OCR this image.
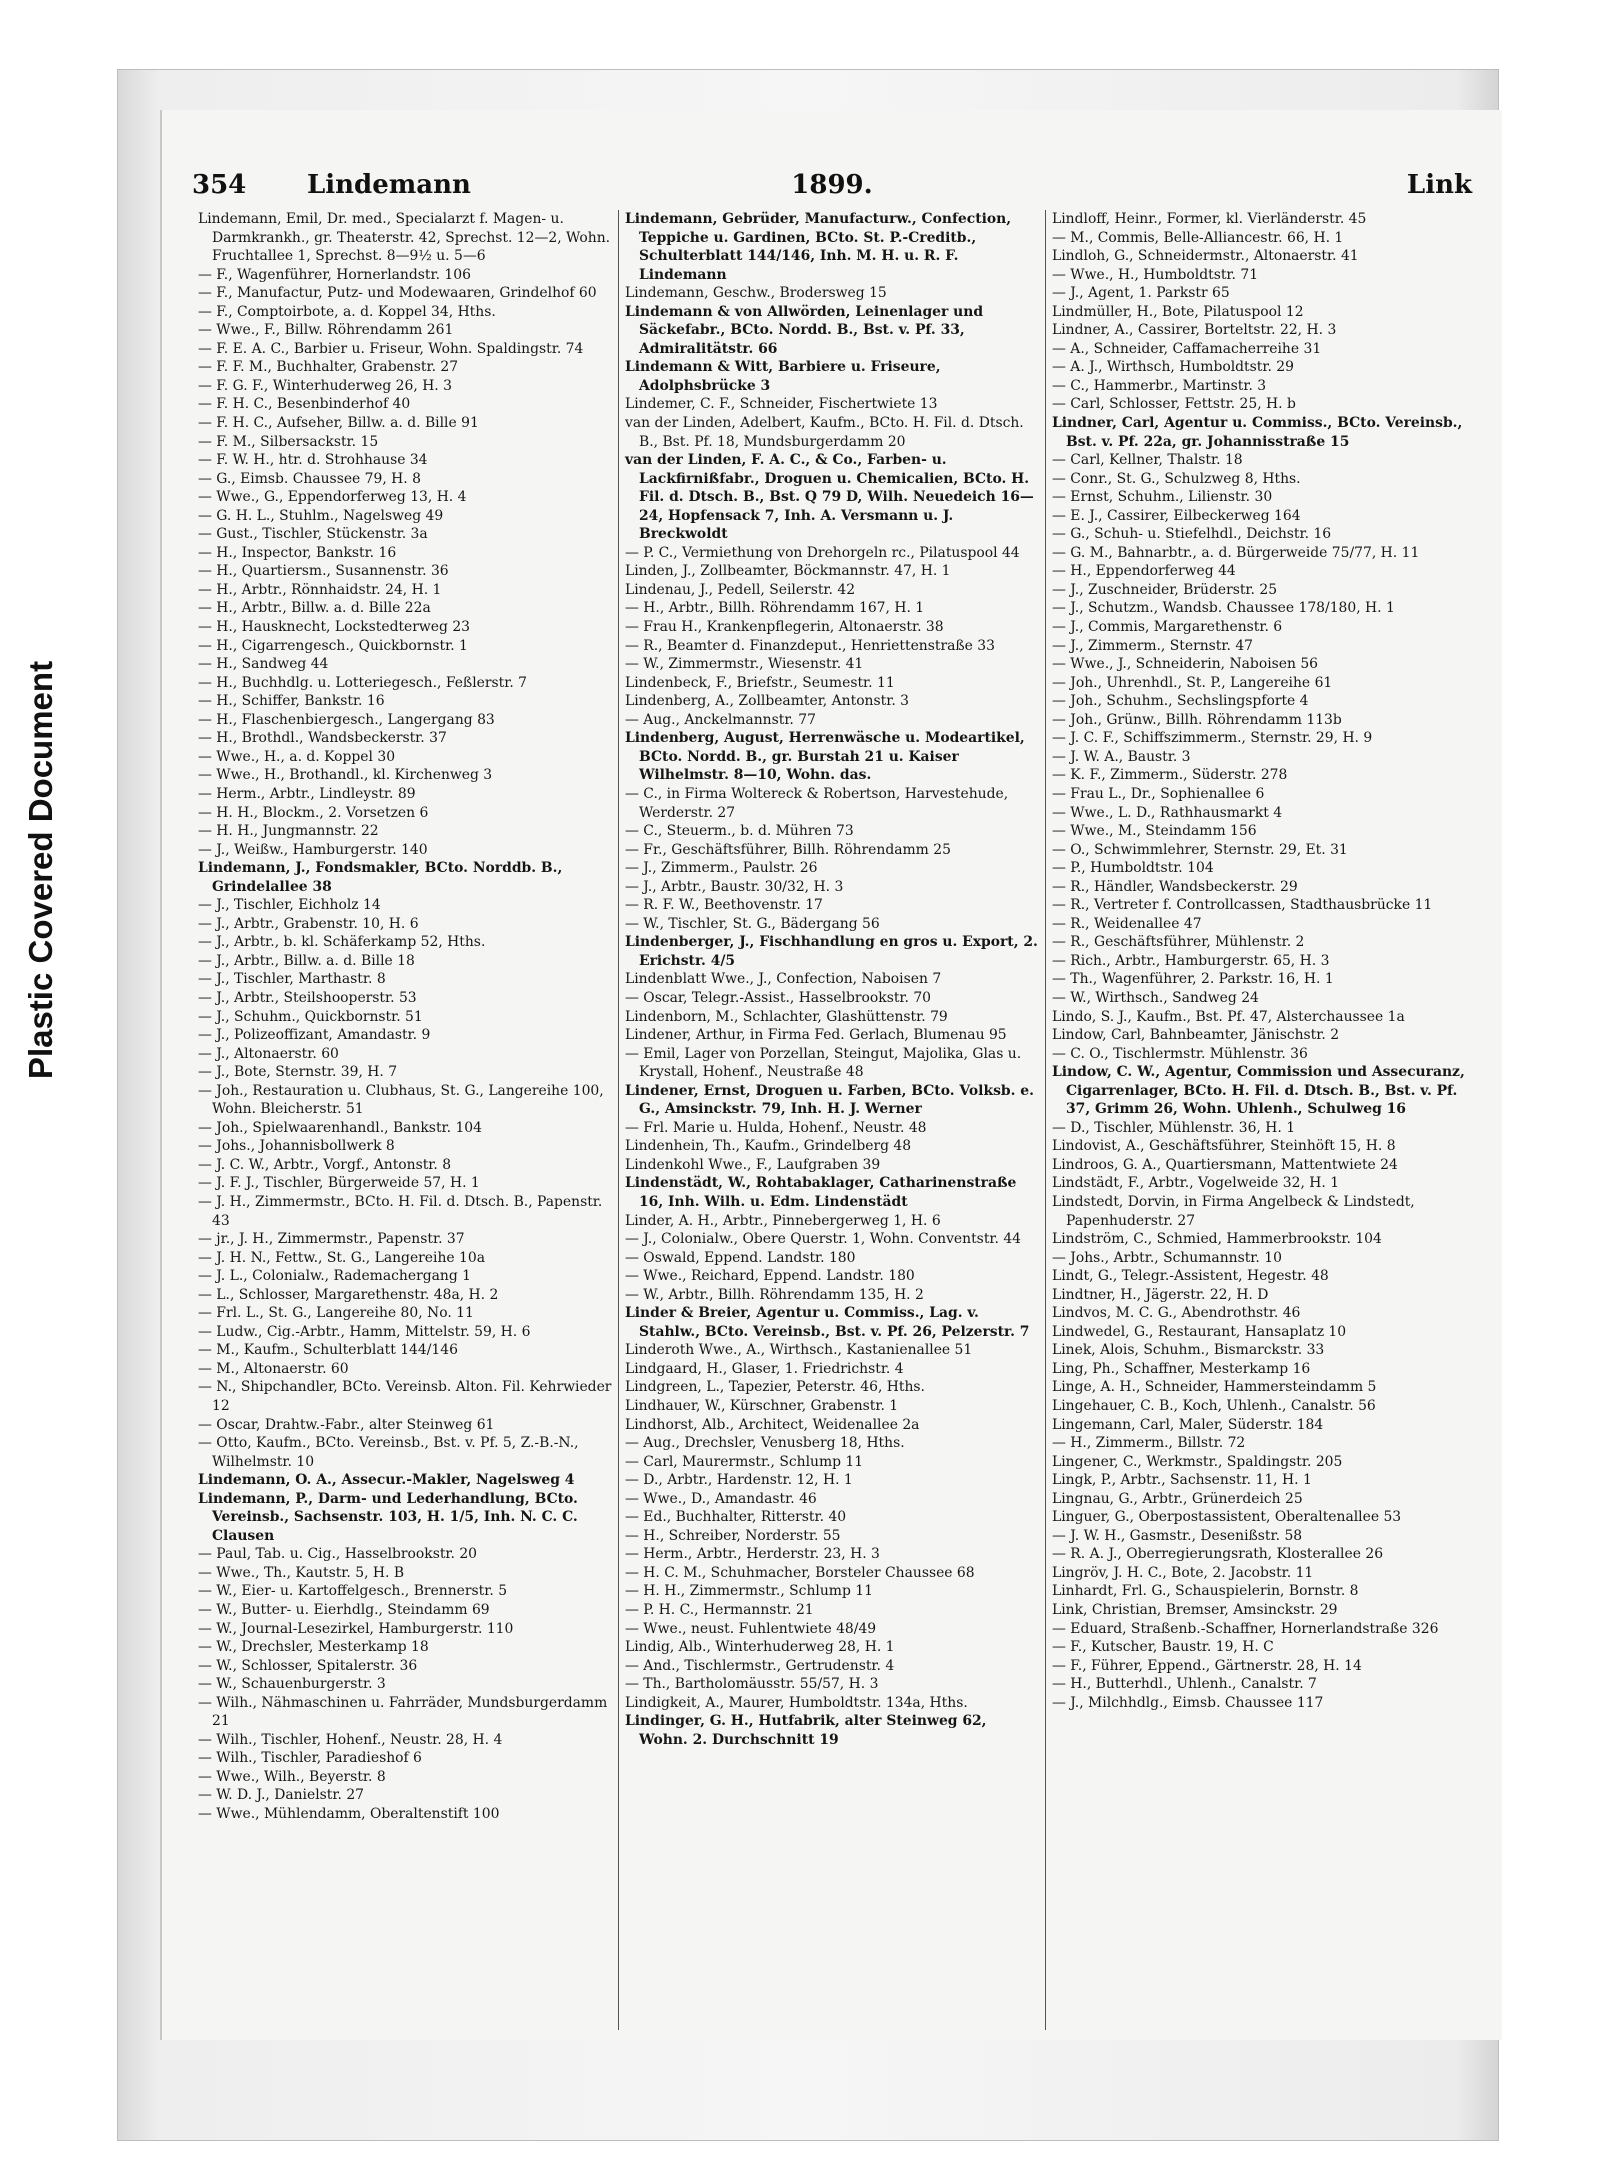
Plastic Covered Document
354 Lindemann	1899.	Link

Lindemann, Emil, Dr. med., Specialarzt f. Magen- u. Darmkrankh., gr. Theaterstr. 42, Sprechst. 12—2, Wohn. Fruchtallee 1, Sprechst. 8—9½ u. 5—6

— F., Wagenführer, Hornerlandstr. 106

— F., Manufactur, Putz- und Modewaaren, Grindelhof 60

— F., Comptoirbote, a. d. Koppel 34, Hths.

— Wwe., F., Billw. Röhrendamm 261

— F. E. A. C., Barbier u. Friseur, Wohn. Spaldingstr. 74

— F. F. M., Buchhalter, Grabenstr. 27

— F. G. F., Winterhuderweg 26, H. 3

— F. H. C., Besenbinderhof 40

— F. H. C., Aufseher, Billw. a. d. Bille 91

— F. M., Silbersackstr. 15

— F. W. H., htr. d. Strohhause 34

— G., Eimsb. Chaussee 79, H. 8

— Wwe., G., Eppendorferweg 13, H. 4

— G. H. L., Stuhlm., Nagelsweg 49

— Gust., Tischler, Stückenstr. 3a

— H., Inspector, Bankstr. 16

— H., Quartiersm., Susannenstr. 36

— H., Arbtr., Rönnhaidstr. 24, H. 1

— H., Arbtr., Billw. a. d. Bille 22a

— H., Hausknecht, Lockstedterweg 23

— H., Cigarrengesch., Quickbornstr. 1

— H., Sandweg 44

— H., Buchhdlg. u. Lotteriegesch., Feßlerstr. 7

— H., Schiffer, Bankstr. 16

— H., Flaschenbiergesch., Langergang 83

— H., Brothdl., Wandsbeckerstr. 37

— Wwe., H., a. d. Koppel 30

— Wwe., H., Brothandl., kl. Kirchenweg 3

— Herm., Arbtr., Lindleystr. 89

— H. H., Blockm., 2. Vorsetzen 6

— H. H., Jungmannstr. 22

— J., Weißw., Hamburgerstr. 140

Lindemann, J., Fondsmakler, BCto. Norddb. B., Grindelallee 38

— J., Tischler, Eichholz 14

— J., Arbtr., Grabenstr. 10, H. 6

— J., Arbtr., b. kl. Schäferkamp 52, Hths.

— J., Arbtr., Billw. a. d. Bille 18

— J., Tischler, Marthastr. 8

— J., Arbtr., Steilshooperstr. 53

— J., Schuhm., Quickbornstr. 51

— J., Polizeoffizant, Amandastr. 9

— J., Altonaerstr. 60

— J., Bote, Sternstr. 39, H. 7

— Joh., Restauration u. Clubhaus, St. G., Langereihe 100, Wohn. Bleicherstr. 51

— Joh., Spielwaarenhandl., Bankstr. 104

— Johs., Johannisbollwerk 8

— J. C. W., Arbtr., Vorgf., Antonstr. 8

— J. F. J., Tischler, Bürgerweide 57, H. 1

— J. H., Zimmermstr., BCto. H. Fil. d. Dtsch. B., Papenstr. 43

— jr., J. H., Zimmermstr., Papenstr. 37

— J. H. N., Fettw., St. G., Langereihe 10a

— J. L., Colonialw., Rademachergang 1

— L., Schlosser, Margarethenstr. 48a, H. 2

— Frl. L., St. G., Langereihe 80, No. 11

— Ludw., Cig.-Arbtr., Hamm, Mittelstr. 59, H. 6

— M., Kaufm., Schulterblatt 144/146

— M., Altonaerstr. 60

— N., Shipchandler, BCto. Vereinsb. Alton. Fil. Kehrwieder 12

— Oscar, Drahtw.-Fabr., alter Steinweg 61

— Otto, Kaufm., BCto. Vereinsb., Bst. v. Pf. 5, Z.-B.-N., Wilhelmstr. 10

Lindemann, O. A., Assecur.-Makler, Nagelsweg 4

Lindemann, P., Darm- und Lederhandlung, BCto. Vereinsb., Sachsenstr. 103, H. 1/5, Inh. N. C. C. Clausen

— Paul, Tab. u. Cig., Hasselbrookstr. 20

— Wwe., Th., Kautstr. 5, H. B

— W., Eier- u. Kartoffelgesch., Brennerstr. 5

— W., Butter- u. Eierhdlg., Steindamm 69

— W., Journal-Lesezirkel, Hamburgerstr. 110

— W., Drechsler, Mesterkamp 18

— W., Schlosser, Spitalerstr. 36

— W., Schauenburgerstr. 3

— Wilh., Nähmaschinen u. Fahrräder, Mundsburgerdamm 21

— Wilh., Tischler, Hohenf., Neustr. 28, H. 4

— Wilh., Tischler, Paradieshof 6

— Wwe., Wilh., Beyerstr. 8

— W. D. J., Danielstr. 27

— Wwe., Mühlendamm, Oberaltenstift 100

Lindemann, Gebrüder, Manufacturw., Confection, Teppiche u. Gardinen, BCto. St. P.-Creditb., Schulterblatt 144/146, Inh. M. H. u. R. F. Lindemann

Lindemann, Geschw., Brodersweg 15

Lindemann & von Allwörden, Leinenlager und Säckefabr., BCto. Nordd. B., Bst. v. Pf. 33, Admiralitätstr. 66

Lindemann & Witt, Barbiere u. Friseure, Adolphsbrücke 3

Lindemer, C. F., Schneider, Fischertwiete 13

van der Linden, Adelbert, Kaufm., BCto. H. Fil. d. Dtsch. B., Bst. Pf. 18, Mundsburgerdamm 20

van der Linden, F. A. C., & Co., Farben- u. Lackfirnißfabr., Droguen u. Chemicalien, BCto. H. Fil. d. Dtsch. B., Bst. Q 79 D, Wilh. Neuedeich 16—24, Hopfensack 7, Inh. A. Versmann u. J. Breckwoldt

— P. C., Vermiethung von Drehorgeln rc., Pilatuspool 44

Linden, J., Zollbeamter, Böckmannstr. 47, H. 1

Lindenau, J., Pedell, Seilerstr. 42

— H., Arbtr., Billh. Röhrendamm 167, H. 1

— Frau H., Krankenpflegerin, Altonaerstr. 38

— R., Beamter d. Finanzdeput., Henriettenstraße 33

— W., Zimmermstr., Wiesenstr. 41

Lindenbeck, F., Briefstr., Seumestr. 11

Lindenberg, A., Zollbeamter, Antonstr. 3

— Aug., Anckelmannstr. 77

Lindenberg, August, Herrenwäsche u. Modeartikel, BCto. Nordd. B., gr. Burstah 21 u. Kaiser Wilhelmstr. 8—10, Wohn. das.

— C., in Firma Woltereck & Robertson, Harvestehude, Werderstr. 27

— C., Steuerm., b. d. Mühren 73

— Fr., Geschäftsführer, Billh. Röhrendamm 25

— J., Zimmerm., Paulstr. 26

— J., Arbtr., Baustr. 30/32, H. 3

— R. F. W., Beethovenstr. 17

— W., Tischler, St. G., Bädergang 56

Lindenberger, J., Fischhandlung en gros u. Export, 2. Erichstr. 4/5

Lindenblatt Wwe., J., Confection, Naboisen 7

— Oscar, Telegr.-Assist., Hasselbrookstr. 70

Lindenborn, M., Schlachter, Glashüttenstr. 79

Lindener, Arthur, in Firma Fed. Gerlach, Blumenau 95

— Emil, Lager von Porzellan, Steingut, Majolika, Glas u. Krystall, Hohenf., Neustraße 48

Lindener, Ernst, Droguen u. Farben, BCto. Volksb. e. G., Amsinckstr. 79, Inh. H. J. Werner

— Frl. Marie u. Hulda, Hohenf., Neustr. 48

Lindenhein, Th., Kaufm., Grindelberg 48

Lindenkohl Wwe., F., Laufgraben 39

Lindenstädt, W., Rohtabaklager, Catharinenstraße 16, Inh. Wilh. u. Edm. Lindenstädt

Linder, A. H., Arbtr., Pinnebergerweg 1, H. 6

— J., Colonialw., Obere Querstr. 1, Wohn. Conventstr. 44

— Oswald, Eppend. Landstr. 180

— Wwe., Reichard, Eppend. Landstr. 180

— W., Arbtr., Billh. Röhrendamm 135, H. 2

Linder & Breier, Agentur u. Commiss., Lag. v. Stahlw., BCto. Vereinsb., Bst. v. Pf. 26, Pelzerstr. 7

Linderoth Wwe., A., Wirthsch., Kastanienallee 51

Lindgaard, H., Glaser, 1. Friedrichstr. 4

Lindgreen, L., Tapezier, Peterstr. 46, Hths.

Lindhauer, W., Kürschner, Grabenstr. 1

Lindhorst, Alb., Architect, Weidenallee 2a

— Aug., Drechsler, Venusberg 18, Hths.

— Carl, Maurermstr., Schlump 11

— D., Arbtr., Hardenstr. 12, H. 1

— Wwe., D., Amandastr. 46

— Ed., Buchhalter, Ritterstr. 40

— H., Schreiber, Norderstr. 55

— Herm., Arbtr., Herderstr. 23, H. 3

— H. C. M., Schuhmacher, Borsteler Chaussee 68

— H. H., Zimmermstr., Schlump 11

— P. H. C., Hermannstr. 21

— Wwe., neust. Fuhlentwiete 48/49

Lindig, Alb., Winterhuderweg 28, H. 1

— And., Tischlermstr., Gertrudenstr. 4

— Th., Bartholomäusstr. 55/57, H. 3

Lindigkeit, A., Maurer, Humboldtstr. 134a, Hths.

Lindinger, G. H., Hutfabrik, alter Steinweg 62, Wohn. 2. Durchschnitt 19

Lindloff, Heinr., Former, kl. Vierländerstr. 45

— M., Commis, Belle-Alliancestr. 66, H. 1

Lindloh, G., Schneidermstr., Altonaerstr. 41

— Wwe., H., Humboldtstr. 71

— J., Agent, 1. Parkstr 65

Lindmüller, H., Bote, Pilatuspool 12

Lindner, A., Cassirer, Borteltstr. 22, H. 3

— A., Schneider, Caffamacherreihe 31

— A. J., Wirthsch, Humboldtstr. 29

— C., Hammerbr., Martinstr. 3

— Carl, Schlosser, Fettstr. 25, H. b

Lindner, Carl, Agentur u. Commiss., BCto. Vereinsb., Bst. v. Pf. 22a, gr. Johannisstraße 15

— Carl, Kellner, Thalstr. 18

— Conr., St. G., Schulzweg 8, Hths.

— Ernst, Schuhm., Lilienstr. 30

— E. J., Cassirer, Eilbeckerweg 164

— G., Schuh- u. Stiefelhdl., Deichstr. 16

— G. M., Bahnarbtr., a. d. Bürgerweide 75/77, H. 11

— H., Eppendorferweg 44

— J., Zuschneider, Brüderstr. 25

— J., Schutzm., Wandsb. Chaussee 178/180, H. 1

— J., Commis, Margarethenstr. 6

— J., Zimmerm., Sternstr. 47

— Wwe., J., Schneiderin, Naboisen 56

— Joh., Uhrenhdl., St. P., Langereihe 61

— Joh., Schuhm., Sechslingspforte 4

— Joh., Grünw., Billh. Röhrendamm 113b

— J. C. F., Schiffszimmerm., Sternstr. 29, H. 9

— J. W. A., Baustr. 3

— K. F., Zimmerm., Süderstr. 278

— Frau L., Dr., Sophienallee 6

— Wwe., L. D., Rathhausmarkt 4

— Wwe., M., Steindamm 156

— O., Schwimmlehrer, Sternstr. 29, Et. 31

— P., Humboldtstr. 104

— R., Händler, Wandsbeckerstr. 29

— R., Vertreter f. Controllcassen, Stadthausbrücke 11

— R., Weidenallee 47

— R., Geschäftsführer, Mühlenstr. 2

— Rich., Arbtr., Hamburgerstr. 65, H. 3

— Th., Wagenführer, 2. Parkstr. 16, H. 1

— W., Wirthsch., Sandweg 24

Lindo, S. J., Kaufm., Bst. Pf. 47, Alsterchaussee 1a

Lindow, Carl, Bahnbeamter, Jänischstr. 2

— C. O., Tischlermstr. Mühlenstr. 36

Lindow, C. W., Agentur, Commission und Assecuranz, Cigarrenlager, BCto. H. Fil. d. Dtsch. B., Bst. v. Pf. 37, Grimm 26, Wohn. Uhlenh., Schulweg 16

— D., Tischler, Mühlenstr. 36, H. 1

Lindovist, A., Geschäftsführer, Steinhöft 15, H. 8

Lindroos, G. A., Quartiersmann, Mattentwiete 24

Lindstädt, F., Arbtr., Vogelweide 32, H. 1

Lindstedt, Dorvin, in Firma Angelbeck & Lindstedt, Papenhuderstr. 27

Lindström, C., Schmied, Hammerbrookstr. 104

— Johs., Arbtr., Schumannstr. 10

Lindt, G., Telegr.-Assistent, Hegestr. 48

Lindtner, H., Jägerstr. 22, H. D

Lindvos, M. C. G., Abendrothstr. 46

Lindwedel, G., Restaurant, Hansaplatz 10

Linek, Alois, Schuhm., Bismarckstr. 33

Ling, Ph., Schaffner, Mesterkamp 16

Linge, A. H., Schneider, Hammersteindamm 5

Lingehauer, C. B., Koch, Uhlenh., Canalstr. 56

Lingemann, Carl, Maler, Süderstr. 184

— H., Zimmerm., Billstr. 72

Lingener, C., Werkmstr., Spaldingstr. 205

Lingk, P., Arbtr., Sachsenstr. 11, H. 1

Lingnau, G., Arbtr., Grünerdeich 25

Linguer, G., Oberpostassistent, Oberaltenallee 53

— J. W. H., Gasmstr., Desenißstr. 58

— R. A. J., Oberregierungsrath, Klosterallee 26

Lingröv, J. H. C., Bote, 2. Jacobstr. 11

Linhardt, Frl. G., Schauspielerin, Bornstr. 8

Link, Christian, Bremser, Amsinckstr. 29

— Eduard, Straßenb.-Schaffner, Hornerlandstraße 326

— F., Kutscher, Baustr. 19, H. C

— F., Führer, Eppend., Gärtnerstr. 28, H. 14

— H., Butterhdl., Uhlenh., Canalstr. 7

— J., Milchhdlg., Eimsb. Chaussee 117
